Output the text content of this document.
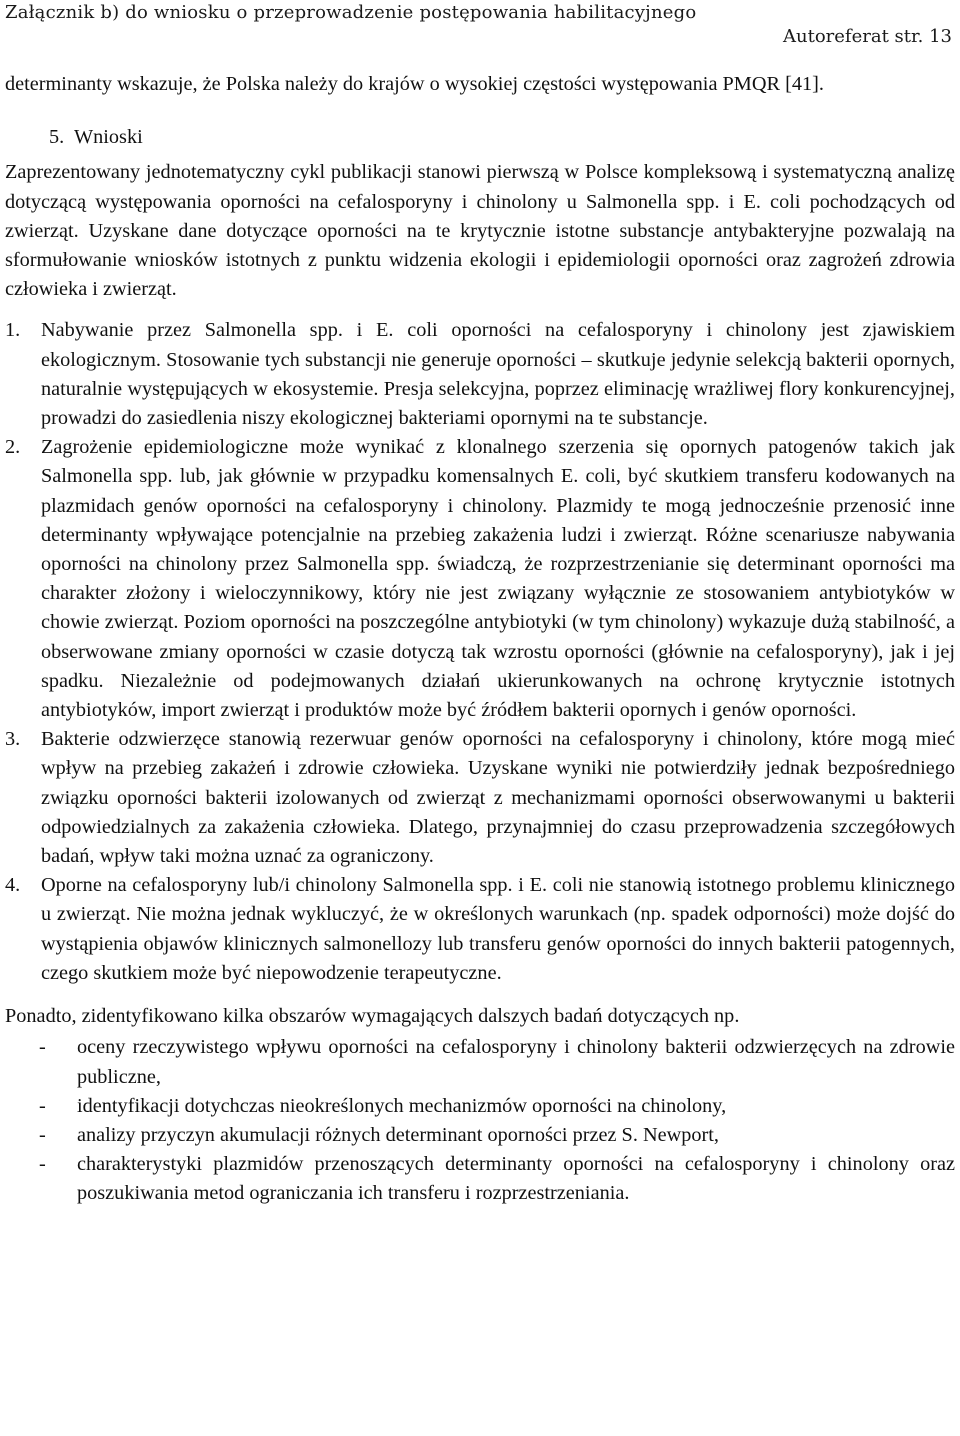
Załącznik b) do wniosku o przeprowadzenie postępowania habilitacyjnego
Autoreferat str. 13

determinanty wskazuje, że Polska należy do krajów o wysokiej częstości występowania PMQR [41].

5. Wnioski

Zaprezentowany jednotematyczny cykl publikacji stanowi pierwszą w Polsce kompleksową i systematyczną analizę dotyczącą występowania oporności na cefalosporyny i chinolony u Salmonella spp. i E. coli pochodzących od zwierząt. Uzyskane dane dotyczące oporności na te krytycznie istotne substancje antybakteryjne pozwalają na sformułowanie wniosków istotnych z punktu widzenia ekologii i epidemiologii oporności oraz zagrożeń zdrowia człowieka i zwierząt.

1. Nabywanie przez Salmonella spp. i E. coli oporności na cefalosporyny i chinolony jest zjawiskiem ekologicznym. Stosowanie tych substancji nie generuje oporności – skutkuje jedynie selekcją bakterii opornych, naturalnie występujących w ekosystemie. Presja selekcyjna, poprzez eliminację wrażliwej flory konkurencyjnej, prowadzi do zasiedlenia niszy ekologicznej bakteriami opornymi na te substancje.
2. Zagrożenie epidemiologiczne może wynikać z klonalnego szerzenia się opornych patogenów takich jak Salmonella spp. lub, jak głównie w przypadku komensalnych E. coli, być skutkiem transferu kodowanych na plazmidach genów oporności na cefalosporyny i chinolony. Plazmidy te mogą jednocześnie przenosić inne determinanty wpływające potencjalnie na przebieg zakażenia ludzi i zwierząt. Różne scenariusze nabywania oporności na chinolony przez Salmonella spp. świadczą, że rozprzestrzenianie się determinant oporności ma charakter złożony i wieloczynnikowy, który nie jest związany wyłącznie ze stosowaniem antybiotyków w chowie zwierząt. Poziom oporności na poszczególne antybiotyki (w tym chinolony) wykazuje dużą stabilność, a obserwowane zmiany oporności w czasie dotyczą tak wzrostu oporności (głównie na cefalosporyny), jak i jej spadku. Niezależnie od podejmowanych działań ukierunkowanych na ochronę krytycznie istotnych antybiotyków, import zwierząt i produktów może być źródłem bakterii opornych i genów oporności.
3. Bakterie odzwierzęce stanowią rezerwuar genów oporności na cefalosporyny i chinolony, które mogą mieć wpływ na przebieg zakażeń i zdrowie człowieka. Uzyskane wyniki nie potwierdziły jednak bezpośredniego związku oporności bakterii izolowanych od zwierząt z mechanizmami oporności obserwowanymi u bakterii odpowiedzialnych za zakażenia człowieka. Dlatego, przynajmniej do czasu przeprowadzenia szczegółowych badań, wpływ taki można uznać za ograniczony.
4. Oporne na cefalosporyny lub/i chinolony Salmonella spp. i E. coli nie stanowią istotnego problemu klinicznego u zwierząt. Nie można jednak wykluczyć, że w określonych warunkach (np. spadek odporności) może dojść do wystąpienia objawów klinicznych salmonellozy lub transferu genów oporności do innych bakterii patogennych, czego skutkiem może być niepowodzenie terapeutyczne.

Ponadto, zidentyfikowano kilka obszarów wymagających dalszych badań dotyczących np.

- oceny rzeczywistego wpływu oporności na cefalosporyny i chinolony bakterii odzwierzęcych na zdrowie publiczne,
- identyfikacji dotychczas nieokreślonych mechanizmów oporności na chinolony,
- analizy przyczyn akumulacji różnych determinant oporności przez S. Newport,
- charakterystyki plazmidów przenoszących determinanty oporności na cefalosporyny i chinolony oraz poszukiwania metod ograniczania ich transferu i rozprzestrzeniania.
